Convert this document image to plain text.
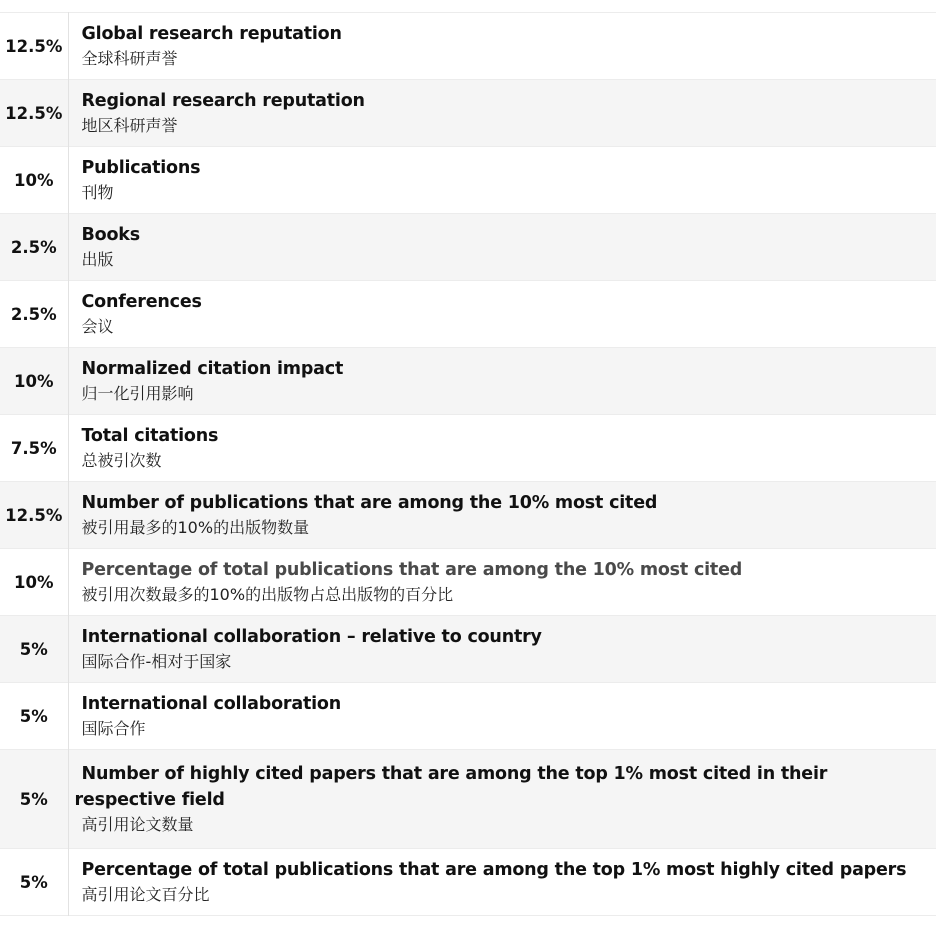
12.5%	Global research reputation
全球科研声誉

12.5%	Regional research reputation
地区科研声誉

10%	Publications
刊物

2.5%	Books
出版

2.5%	Conferences
会议

10%	Normalized citation impact
归一化引用影响

7.5%	Total citations
总被引次数

12.5%	Number of publications that are among the 10% most cited
被引用最多的10%的出版物数量

10%	Percentage of total publications that are among the 10% most cited
被引用次数最多的10%的出版物占总出版物的百分比

5%	International collaboration – relative to country
国际合作-相对于国家

5%	International collaboration
国际合作

5%	Number of highly cited papers that are among the top 1% most cited in their respective field
高引用论文数量

5%	Percentage of total publications that are among the top 1% most highly cited papers
高引用论文百分比
